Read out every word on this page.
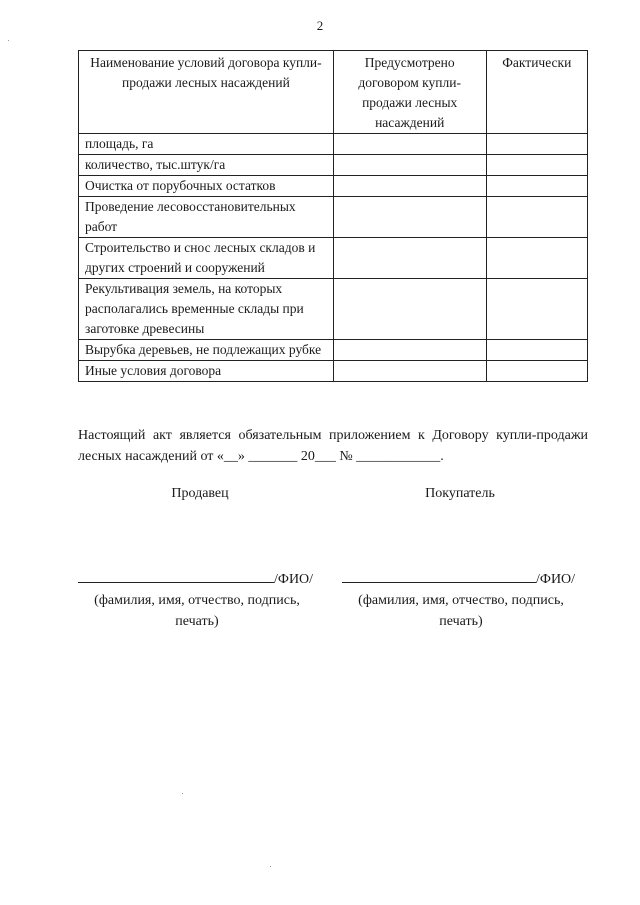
2
Наименование условий договора купли-продажи лесных насаждений	Предусмотрено договором купли-продажи лесных насаждений	Фактически
площадь, га		
количество, тыс.штук/га		
Очистка от порубочных остатков		
Проведение лесовосстановительных работ		
Строительство и снос лесных складов и других строений и сооружений		
Рекультивация земель, на которых располагались временные склады при заготовке древесины		
Вырубка деревьев, не подлежащих рубке		
Иные условия договора		
Настоящий акт является обязательным приложением к Договору купли-продажи лесных насаждений от «__» _______ 20___ № ____________.
Продавец	Покупатель
/ФИО/	/ФИО/
(фамилия, имя, отчество, подпись, печать)
(фамилия, имя, отчество, подпись, печать)
